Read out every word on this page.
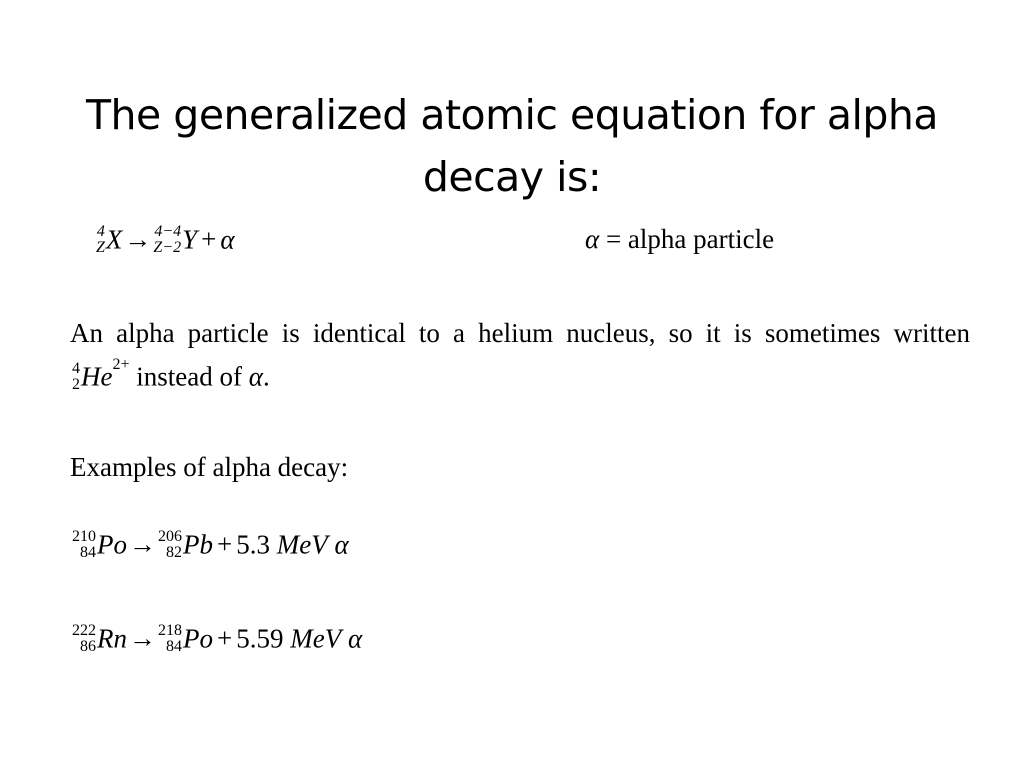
The generalized atomic equation for alpha decay is:
4
Z X→ 4−4
Z−2 Y + α	α = alpha particle
An alpha particle is identical to a helium nucleus, so it is sometimes written
4
2 $He^{2+}$ instead of α.
Examples of alpha decay:
210
84 Po→ 206
82 Pb + 5.3 MeV α
222
86 Rn→ 218
84 Po + 5.59 MeV α
